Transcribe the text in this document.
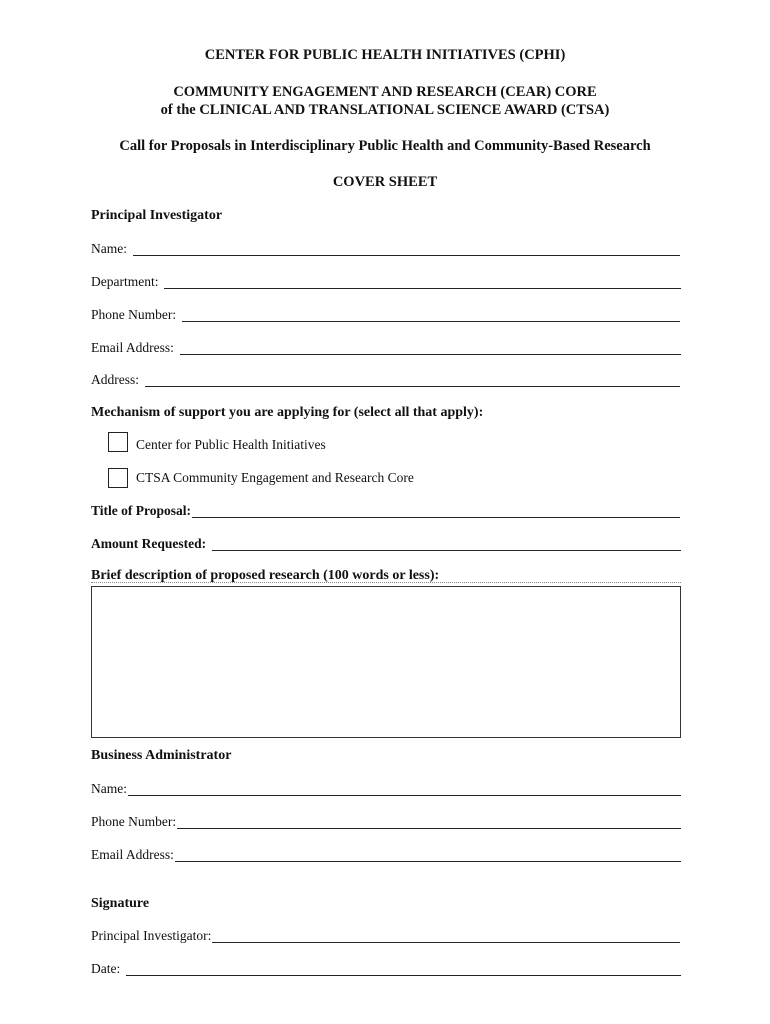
CENTER FOR PUBLIC HEALTH INITIATIVES (CPHI)
COMMUNITY ENGAGEMENT AND RESEARCH (CEAR) CORE
of the CLINICAL AND TRANSLATIONAL SCIENCE AWARD (CTSA)
Call for Proposals in Interdisciplinary Public Health and Community-Based Research
COVER SHEET
Principal Investigator
Name:
Department:
Phone Number:
Email Address:
Address:
Mechanism of support you are applying for (select all that apply):
Center for Public Health Initiatives
CTSA Community Engagement and Research Core
Title of Proposal:
Amount Requested:
Brief description of proposed research (100 words or less):
Business Administrator
Name:
Phone Number:
Email Address:
Signature
Principal Investigator:
Date:
